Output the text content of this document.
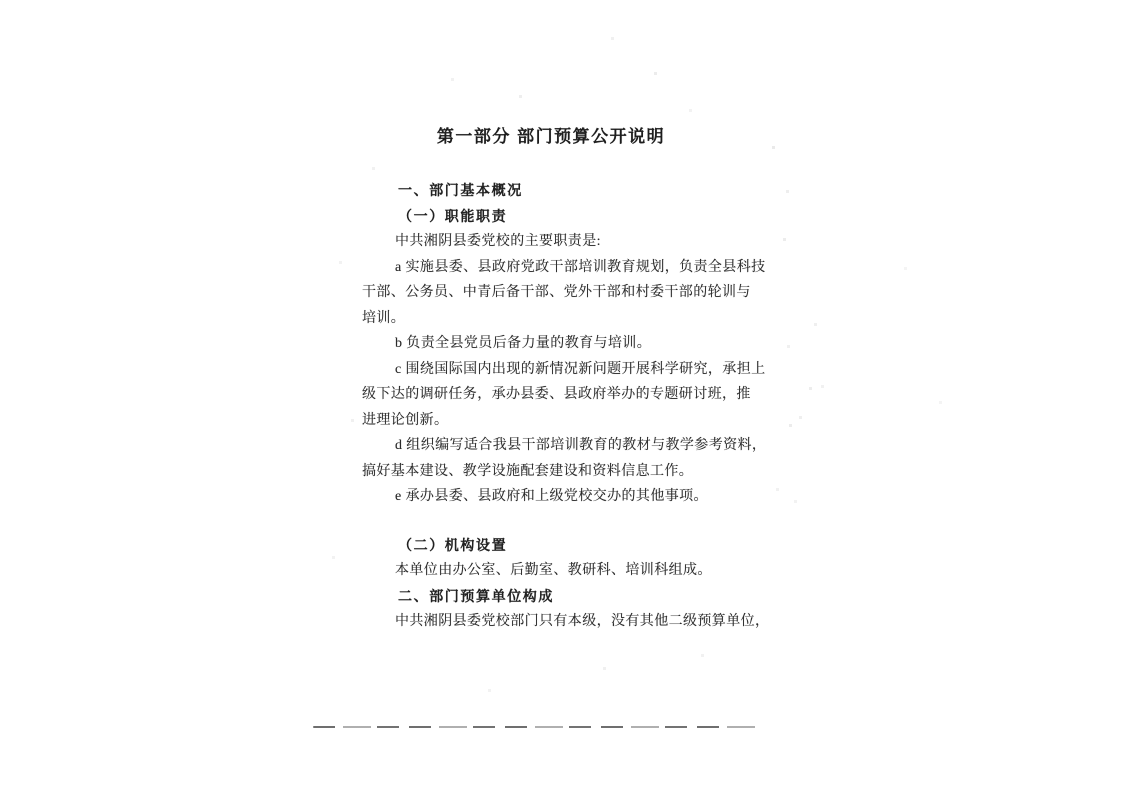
第一部分 部门预算公开说明
一、部门基本概况
（一）职能职责
中共湘阴县委党校的主要职责是:
a 实施县委、县政府党政干部培训教育规划，负责全县科技
干部、公务员、中青后备干部、党外干部和村委干部的轮训与
培训。
b 负责全县党员后备力量的教育与培训。
c 围绕国际国内出现的新情况新问题开展科学研究，承担上
级下达的调研任务，承办县委、县政府举办的专题研讨班，推
进理论创新。
d 组织编写适合我县干部培训教育的教材与教学参考资料，
搞好基本建设、教学设施配套建设和资料信息工作。
e 承办县委、县政府和上级党校交办的其他事项。
（二）机构设置
本单位由办公室、后勤室、教研科、培训科组成。
二、部门预算单位构成
中共湘阴县委党校部门只有本级，没有其他二级预算单位，
